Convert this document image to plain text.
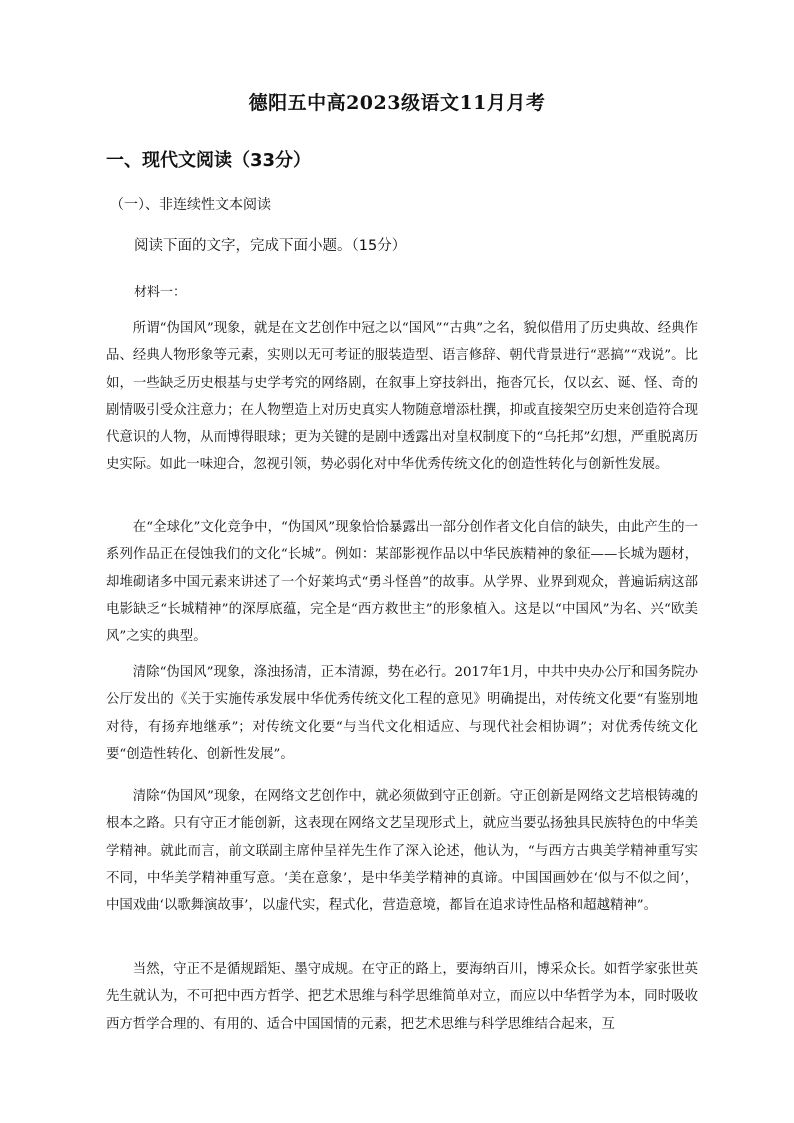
德阳五中高2023级语文11月月考
一、现代文阅读（33分）
（一）、非连续性文本阅读
阅读下面的文字，完成下面小题。（15分）
材料一：

所谓“伪国风”现象，就是在文艺创作中冠之以“国风”“古典”之名，貌似借用了历史典故、经典作品、经典人物形象等元素，实则以无可考证的服装造型、语言修辞、朝代背景进行“恶搞”“戏说”。比如，一些缺乏历史根基与史学考究的网络剧，在叙事上穿技斜出，拖沓冗长，仅以玄、诞、怪、奇的剧情吸引受众注意力；在人物塑造上对历史真实人物随意增添杜撰，抑或直接架空历史来创造符合现代意识的人物，从而博得眼球；更为关键的是剧中透露出对皇权制度下的“乌托邦”幻想，严重脱离历史实际。如此一味迎合，忽视引领，势必弱化对中华优秀传统文化的创造性转化与创新性发展。

在“全球化”文化竞争中，“伪国风”现象恰恰暴露出一部分创作者文化自信的缺失，由此产生的一系列作品正在侵蚀我们的文化“长城”。例如：某部影视作品以中华民族精神的象征——长城为题材，却堆砌诸多中国元素来讲述了一个好莱坞式“勇斗怪兽”的故事。从学界、业界到观众，普遍诟病这部电影缺乏“长城精神”的深厚底蕴，完全是“西方救世主”的形象植入。这是以“中国风”为名、兴“欧美风”之实的典型。

清除“伪国风”现象，涤浊扬清，正本清源，势在必行。2017年1月，中共中央办公厅和国务院办公厅发出的《关于实施传承发展中华优秀传统文化工程的意见》明确提出，对传统文化要“有鉴别地对待，有扬弃地继承”；对传统文化要“与当代文化相适应、与现代社会相协调”；对优秀传统文化要“创造性转化、创新性发展”。

清除“伪国风”现象，在网络文艺创作中，就必须做到守正创新。守正创新是网络文艺培根铸魂的根本之路。只有守正才能创新，这表现在网络文艺呈现形式上，就应当要弘扬独具民族特色的中华美学精神。就此而言，前文联副主席仲呈祥先生作了深入论述，他认为，“与西方古典美学精神重写实不同，中华美学精神重写意。‘美在意象’，是中华美学精神的真谛。中国国画妙在‘似与不似之间’，中国戏曲‘以歌舞演故事’，以虚代实，程式化，营造意境，都旨在追求诗性品格和超越精神”。

当然，守正不是循规蹈矩、墨守成规。在守正的路上，要海纳百川，博采众长。如哲学家张世英先生就认为，不可把中西方哲学、把艺术思维与科学思维简单对立，而应以中华哲学为本，同时吸收西方哲学合理的、有用的、适合中国国情的元素，把艺术思维与科学思维结合起来，互
